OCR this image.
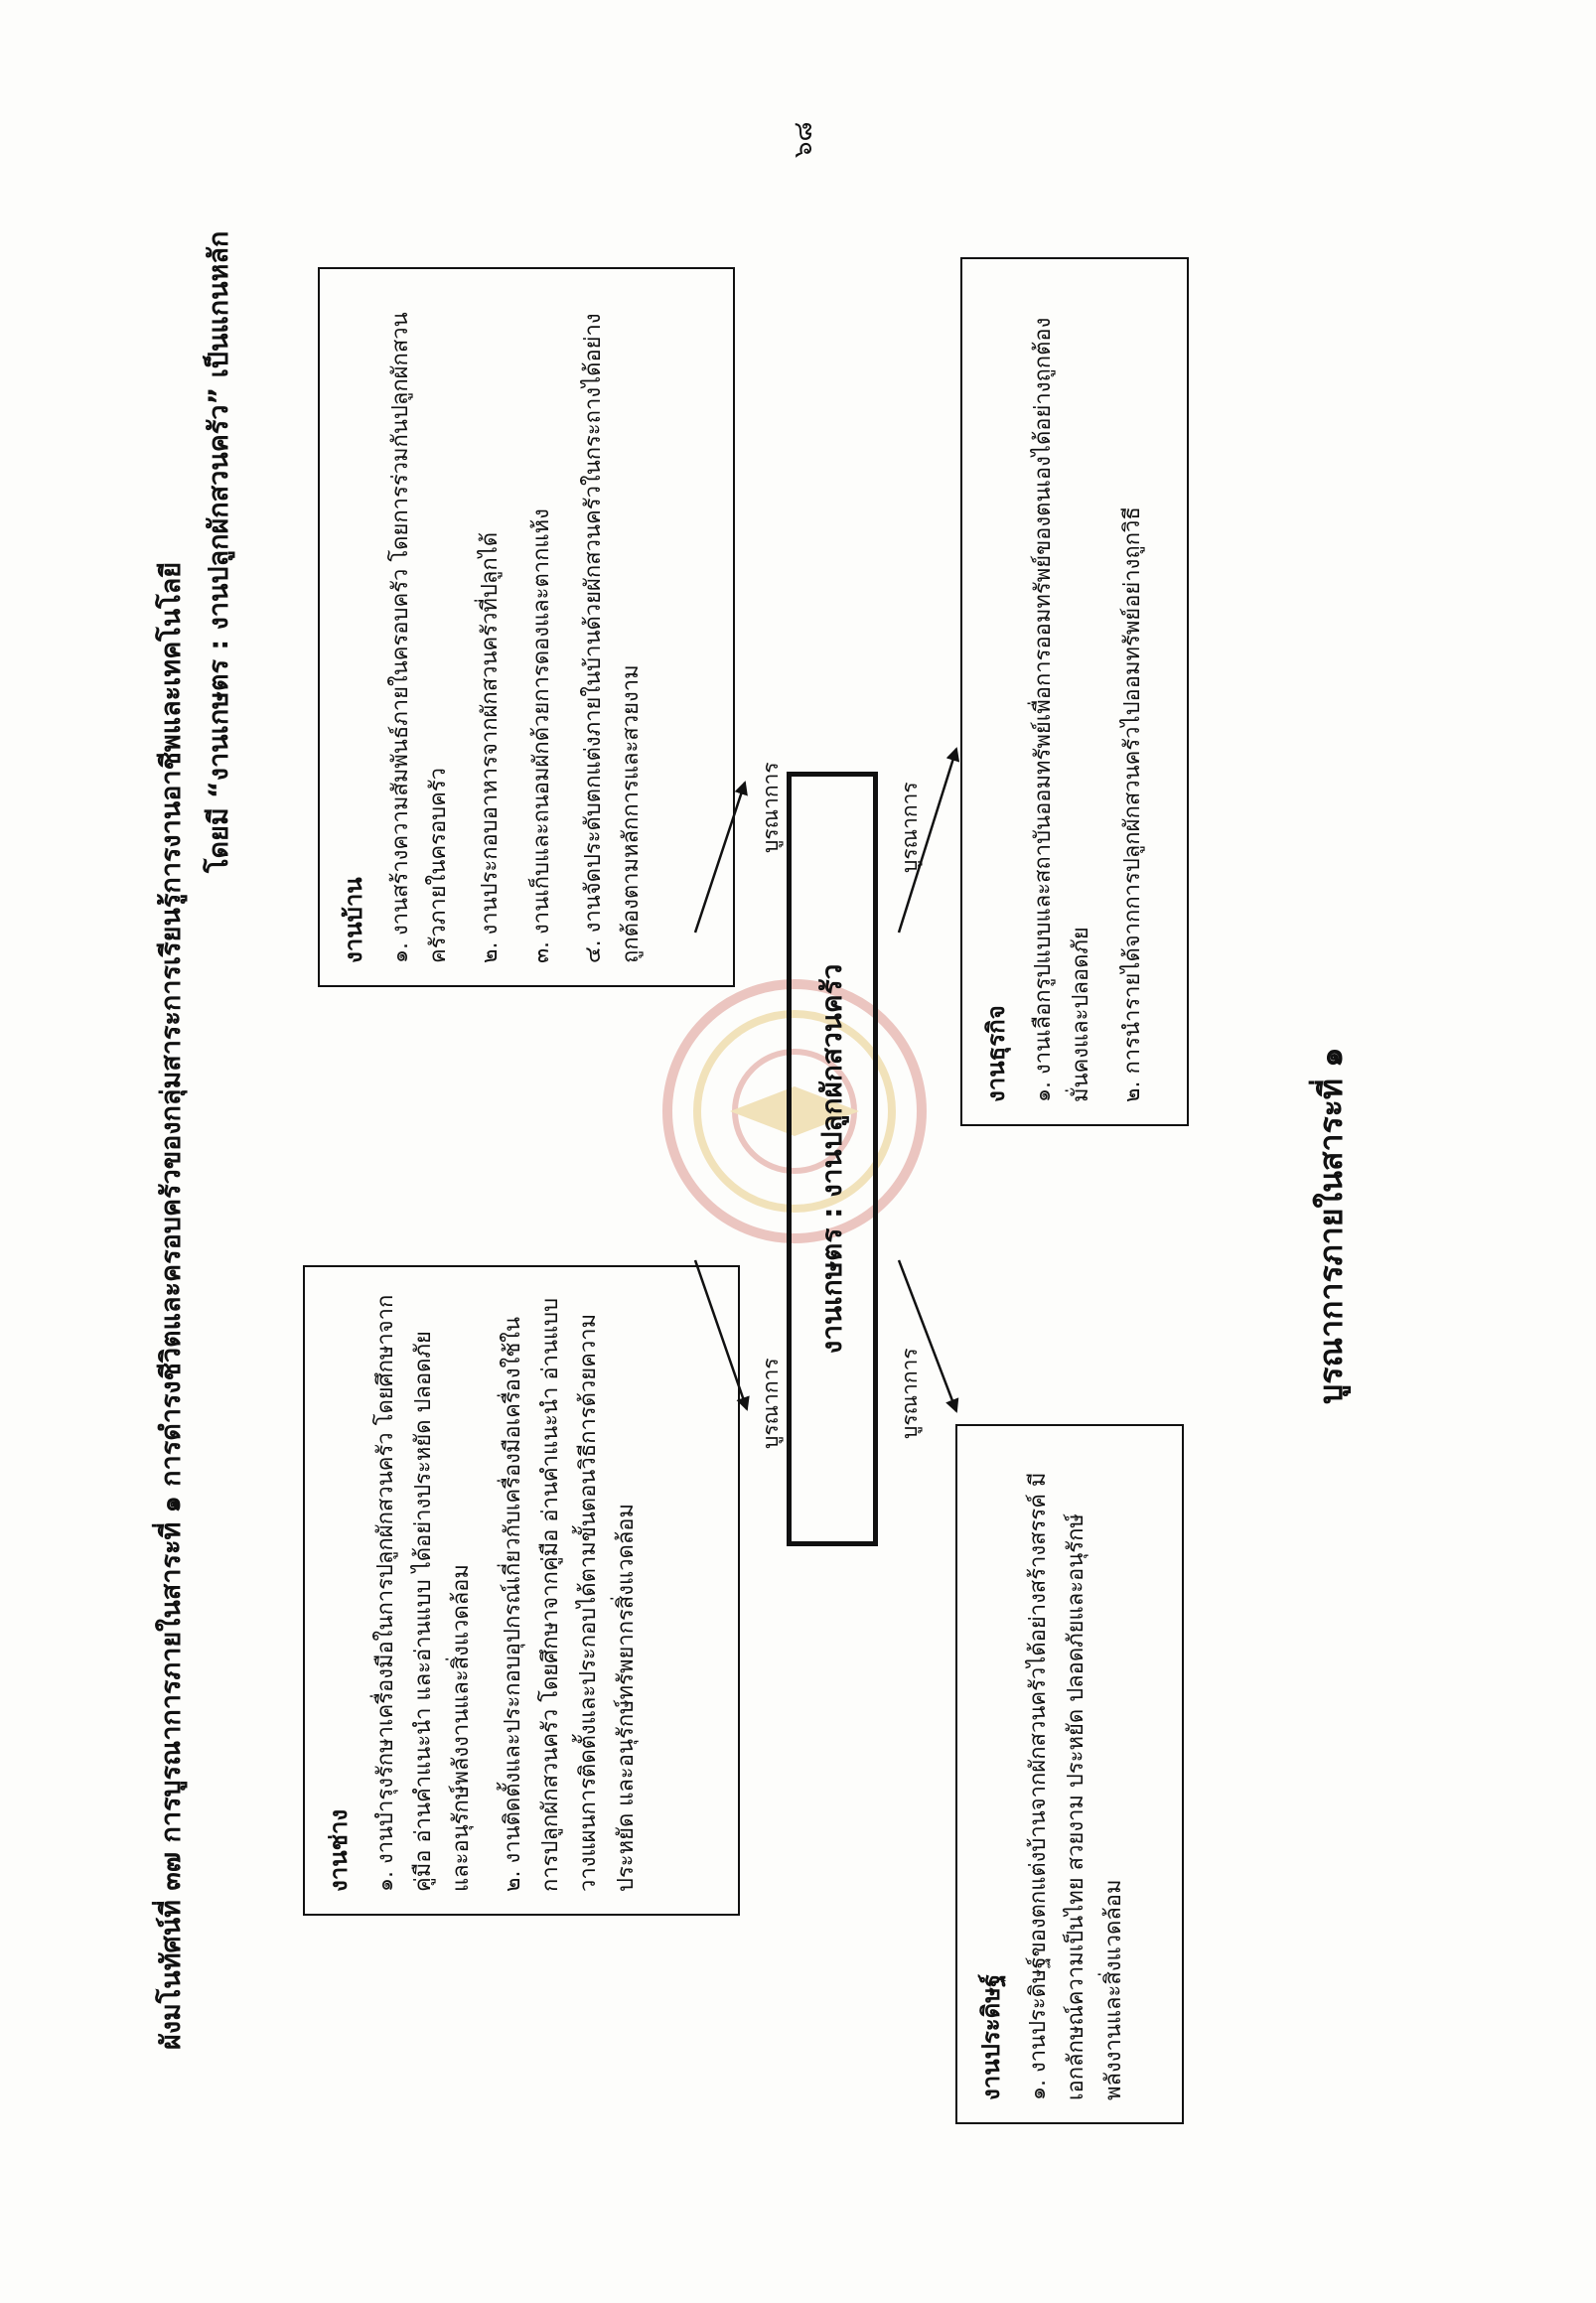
๖๘
ผังมโนทัศน์ที่ ๓๗ การบูรณาการภายในสาระที่ ๑ การดำรงชีวิตและครอบครัวของกลุ่มสาระการเรียนรู้การงานอาชีพและเทคโนโลยี
โดยมี “งานเกษตร : งานปลูกผักสวนครัว” เป็นแกนหลัก
งานช่าง ๑. งานบำรุงรักษาเครื่องมือในการปลูกผักสวนครัว โดยศึกษาจากคู่มือ อ่านคำแนะนำ และอ่านแบบ ได้อย่างประหยัด ปลอดภัย และอนุรักษ์พลังงานและสิ่งแวดล้อม	๒. งานติดตั้งและประกอบอุปกรณ์เกี่ยวกับเครื่องมือเครื่องใช้ในการปลูกผักสวนครัว โดยศึกษาจากคู่มือ อ่านคำแนะนำ อ่านแบบ วางแผนการติดตั้งและประกอบได้ตามขั้นตอนวิธีการด้วยความประหยัด และอนุรักษ์ทรัพยากรสิ่งแวดล้อม

งานบ้าน ๑. งานสร้างความสัมพันธ์ภายในครอบครัว โดยการร่วมกันปลูกผักสวนครัวภายในครอบครัว	๒. งานประกอบอาหารจากผักสวนครัวที่ปลูกได้	๓. งานเก็บและถนอมผักด้วยการดองและตากแห้ง	๔. งานจัดประดับตกแต่งภายในบ้านด้วยผักสวนครัวในกระถางได้อย่างถูกต้องตามหลักการและสวยงาม

งานเกษตร : งานปลูกผักสวนครัว
บูรณาการ
บูรณาการ
บูรณาการ
บูรณาการ
งานประดิษฐ์ ๑. งานประดิษฐ์ของตกแต่งบ้านจากผักสวนครัวได้อย่างสร้างสรรค์ มีเอกลักษณ์ความเป็นไทย สวยงาม ประหยัด ปลอดภัยและอนุรักษ์พลังงานและสิ่งแวดล้อม

งานธุรกิจ ๑. งานเลือกรูปแบบและสถาบันออมทรัพย์เพื่อการออมทรัพย์ของตนเองได้อย่างถูกต้อง มั่นคงและปลอดภัย	๒. การนำรายได้จากการปลูกผักสวนครัวไปออมทรัพย์อย่างถูกวิธี

บูรณาการภายในสาระที่ ๑
